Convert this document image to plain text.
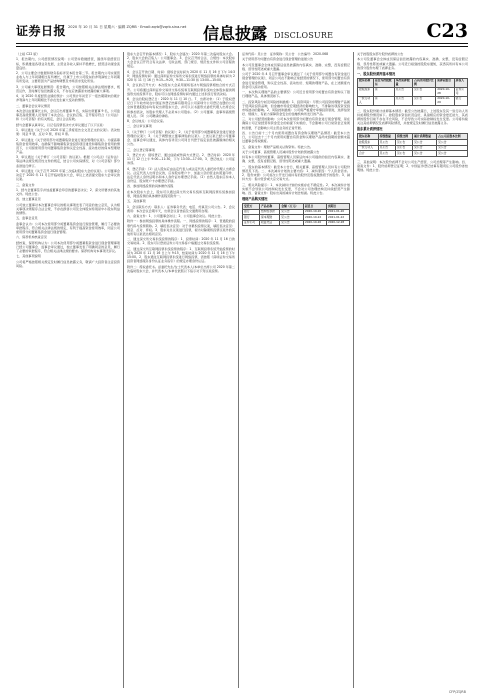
证券日报 2020 年 10 月 31 日 星期六 · 编辑 ZQRB · Email:zqrb@zqrb.sina.net 信息披露 DISCLOSURE	C23

（上接 C22 版）

1、报告期内，公司经营情况说明：公司坚持稳健经营，围绕年度经营目标，积极推进各项业务发展，主营业务收入保持平稳增长，经营活动现金流量良好。

2、公司主要会计数据和财务指标详见本报告第二节。报告期内公司实现营业收入与上年同期相比有所增长，归属于上市公司股东的净利润较上年同期有所变动，主要原因为产品结构调整及市场需求变化所致。

3、公司重大事项进展情况：报告期内，公司按照相关法律法规的要求，规范运作，及时履行信息披露义务，不存在应披露而未披露的重大事项。

4、对 2020 年度经营业绩的预计：公司预计年初至下一报告期期末的累计净利润与上年同期相比不存在发生重大变动的情形。

二、董事会会议审议情况

本次会议由董事长主持，会议应出席董事 9 名，实际出席董事 9 名，公司监事及高级管理人员列席了本次会议。会议的召集、召开程序符合《公司法》和《公司章程》的有关规定，会议合法有效。

经与会董事认真审议，以记名投票表决方式审议通过了以下议案：

1、审议通过《关于公司 2020 年第三季度报告全文及正文的议案》。表决结果：同意 9 票，反对 0 票，弃权 0 票。

2、审议通过《关于使用部分闲置募集资金进行现金管理的议案》。为提高募集资金使用效率，在确保不影响募集资金投资项目建设和募集资金使用的情况下，公司拟使用部分闲置募集资金购买安全性高、流动性好的保本型理财产品。

3、审议通过《关于修订〈公司章程〉的议案》。根据《公司法》《证券法》等法律法规及规范性文件的规定，结合公司实际情况，对《公司章程》部分条款进行修订。

4、审议通过《关于召开 2020 年第二次临时股东大会的议案》。公司董事会决定于 2020 年 11 月召开临时股东大会，审议上述需提交股东大会审议的议案。

三、备查文件

1、经与会董事签字并加盖董事会印章的董事会决议；2、深交所要求的其他文件。特此公告。

四、独立董事意见

公司独立董事对本次董事会审议的相关事项发表了同意的独立意见，认为相关事项决策程序合法合规，不存在损害公司及全体股东特别是中小股东利益的情形。

五、监事会意见

监事会认为：公司本次使用部分闲置募集资金进行现金管理，履行了必要的审批程序，符合相关法律法规的规定，有利于提高资金使用效率，同意公司使用部分闲置募集资金进行现金管理。

六、保荐机构核查意见

经核查，保荐机构认为：公司本次使用部分闲置募集资金进行现金管理事项已经公司董事会、监事会审议通过，独立董事发表了明确同意的意见，履行了必要的审批程序，符合相关法律法规的要求。保荐机构对本事项无异议。

七、其他事项说明

公司将严格按照相关规定及时履行信息披露义务，敬请广大投资者注意投资风险。

股东大会召开的基本情况：1、股东大会届次：2020 年第二次临时股东大会。2、股东大会的召集人：公司董事会。3、会议召开的合法、合规性：本次股东大会会议召开符合有关法律、行政法规、部门规章、规范性文件和公司章程的规定。

4、会议召开的日期、时间：现场会议时间为 2020 年 11 月 16 日下午 14:30；网络投票时间：通过深圳证券交易所交易系统进行网络投票的具体时间为 2020 年 11 月 16 日 9:15—9:25，9:30—11:30 和 13:00—15:00。

5、会议的召开方式：本次股东大会采用现场表决与网络投票相结合的方式召开。公司将通过深圳证券交易所交易系统和互联网投票系统向全体股东提供网络形式的投票平台，股东可以在网络投票时间内通过上述系统行使表决权。

6、会议的股权登记日：2020 年 11 月 10 日。7、出席对象：（1）于股权登记日下午收市时在中国证券登记结算有限责任公司深圳分公司登记在册的公司全体普通股股东均有权出席股东大会，并可以以书面形式委托代理人出席会议和参加表决，该股东代理人不必是本公司股东。（2）公司董事、监事和高级管理人员。（3）公司聘请的律师。

8、会议地点：公司会议室。

二、会议审议事项

1、《关于修订〈公司章程〉的议案》；2、《关于使用部分闲置募集资金进行现金管理的议案》；3、《关于调整独立董事津贴的议案》。上述议案已经公司董事会、监事会审议通过，具体内容详见公司同日刊登于指定信息披露媒体的相关公告。

三、会议登记等事项

1、登记方式：现场登记、通过信函或传真方式登记。2、登记时间：2020 年 11 月 12 日上午 9:00—11:30，下午 13:30—17:00。3、登记地点：公司证券部。

4、登记手续：（1）法人股东应由法定代表人或法定代表人委托的代理人出席会议。法定代表人出席会议的，应持股东账户卡、加盖公章的营业执照复印件、法定代表人身份证明书和本人身份证办理登记手续。（2）自然人股东应持本人身份证、股东账户卡办理登记手续。

四、参加网络投票的具体操作流程

在本次股东大会上，股东可以通过深交所交易系统和互联网投票系统参加投票，网络投票的具体操作流程见附件一。

五、其他事项

1、会议联系方式：联系人：证券事务代表；电话、传真见公司公告。2、会议费用：本次会议会期半天，出席会议者食宿及交通费用自理。

六、备查文件：1、公司董事会决议；2、公司监事会决议。特此公告。

附件一：参加网络投票的具体操作流程。一、网络投票的程序：1、普通股的投票代码与投票简称。2、填报表决意见：对于非累积投票议案，填报表决意见：同意、反对、弃权。3、股东对总议案进行投票，视为对除累积投票议案外的其他所有议案表达相同意见。

二、通过深交所交易系统投票的程序：1、投票时间：2020 年 11 月 16 日的交易时间。2、股东可以登录证券公司交易客户端通过交易系统投票。

三、通过深交所互联网投票系统投票的程序：1、互联网投票系统开始投票的时间为 2020 年 11 月 16 日上午 9:15，结束时间为 2020 年 11 月 16 日下午 15:00。2、股东通过互联网投票系统进行网络投票，需按照《深圳证券交易所投资者网络服务身份认证业务指引》的规定办理身份认证。

附件二：授权委托书。兹委托先生/女士代表本人/本单位出席公司 2020 年第二次临时股东大会，并代表本人/本单位依照以下指示对下列议案投票。

证券代码：见公告　证券简称：见公告　公告编号：2020-068

关于使用部分闲置自有资金进行现金管理的进展公告

本公司及董事会全体成员保证信息披露的内容真实、准确、完整，没有虚假记载、误导性陈述或重大遗漏。

公司于 2020 年 4 月召开董事会审议通过了《关于使用部分闲置自有资金进行现金管理的议案》，同意公司在不影响正常经营的情况下，使用部分闲置自有资金进行现金管理，购买安全性高、流动性好、短期的理财产品，在上述额度内资金可以滚动使用。

一、本次购买理财产品的主要情况：公司近日使用部分闲置自有资金购买了银行理财产品，具体情况如下。

二、投资风险分析及风险控制措施：1、投资风险：尽管公司投资的理财产品属于低风险投资品种，但金融市场受宏观经济的影响较大，不排除该项投资受到市场波动的影响。2、风险控制措施：公司将严格遵守审慎投资原则，选择信誉好、规模大、有能力保障资金安全的金融机构所发行的产品。

三、对公司经营的影响：公司本次使用部分闲置自有资金进行现金管理，是在确保公司正常经营和资金安全的前提下实施的，不会影响公司日常资金正常周转需要，不会影响公司主营业务的正常开展。

四、公告日前十二个月内使用闲置自有资金购买理财产品情况：截至本公告日，公司过去十二个月内使用闲置自有资金购买理财产品尚未到期的金额未超过董事会授权额度。

五、备查文件：理财产品相关认购资料。特此公告。

关于公司董事、高级管理人员减持股份计划的预披露公告

持有本公司股份的董事、高级管理人员保证向本公司提供的信息内容真实、准确、完整，没有虚假记载、误导性陈述或重大遗漏。

一、股东的基本情况：截至本公告日，相关董事、高级管理人员持有公司股份情况见下表。二、本次减持计划的主要内容：1、减持原因：个人资金需求。2、股份来源：公司首次公开发行前持有的股份及股权激励授予的股份。3、减持方式：集中竞价或大宗交易方式。

三、相关风险提示：1、本次减持计划的实施存在不确定性。2、本次减持计划实施不会导致公司控制权发生变更，不会对公司治理结构及持续经营产生影响。四、备查文件：股东出具的减持计划告知函。特此公告。

理财产品购买情况
受托方	产品名称	金额（万元）	起息日	到期日
银行	结构性存款	见公告	2020-10-20	2021-01-20
银行	保本理财	见公告	2020-10-22	2021-01-22
证券公司	收益凭证	见公告	2020-10-26	2020-12-28

关于控股股东部分股份质押的公告

本公司及董事会全体成员保证信息披露的内容真实、准确、完整，没有虚假记载、误导性陈述或重大遗漏。公司近日接到控股股东通知，获悉其所持有本公司的部分股份办理了质押业务。

一、股东股份质押基本情况
股东名称	是否为控股股东	本次质押数量	占其所持股份比例	质押起始日	质权人
控股股东	是	见公告	见公告	2020-10-28	证券公司
一致行动人	是	见公告	见公告	2020-10-29	银行

二、股东股份累计质押基本情况：截至公告披露日，上述股东及其一致行动人所持质押股份情况如下。控股股东资信状况良好，具备相应的资金偿还能力，其质押的股份目前不存在平仓风险，不会导致公司实际控制权发生变更。公司将持续关注其质押情况及质押风险情况，并按规定及时履行信息披露义务。

股东累计质押情况
股东名称	持股数量	持股比例	累计质押数量	占公司总股本比例
控股股东	见公告	见公告	见公告	见公告
一致行动人	见公告	见公告	见公告	见公告
合计	见公告	见公告	见公告	见公告

三、其他说明：本次股份质押不会对公司生产经营、公司治理等产生影响。四、备查文件：1、股份质押登记证明；2、中国证券登记结算有限责任公司股份冻结明细。特此公告。

CFP/ZQRB
